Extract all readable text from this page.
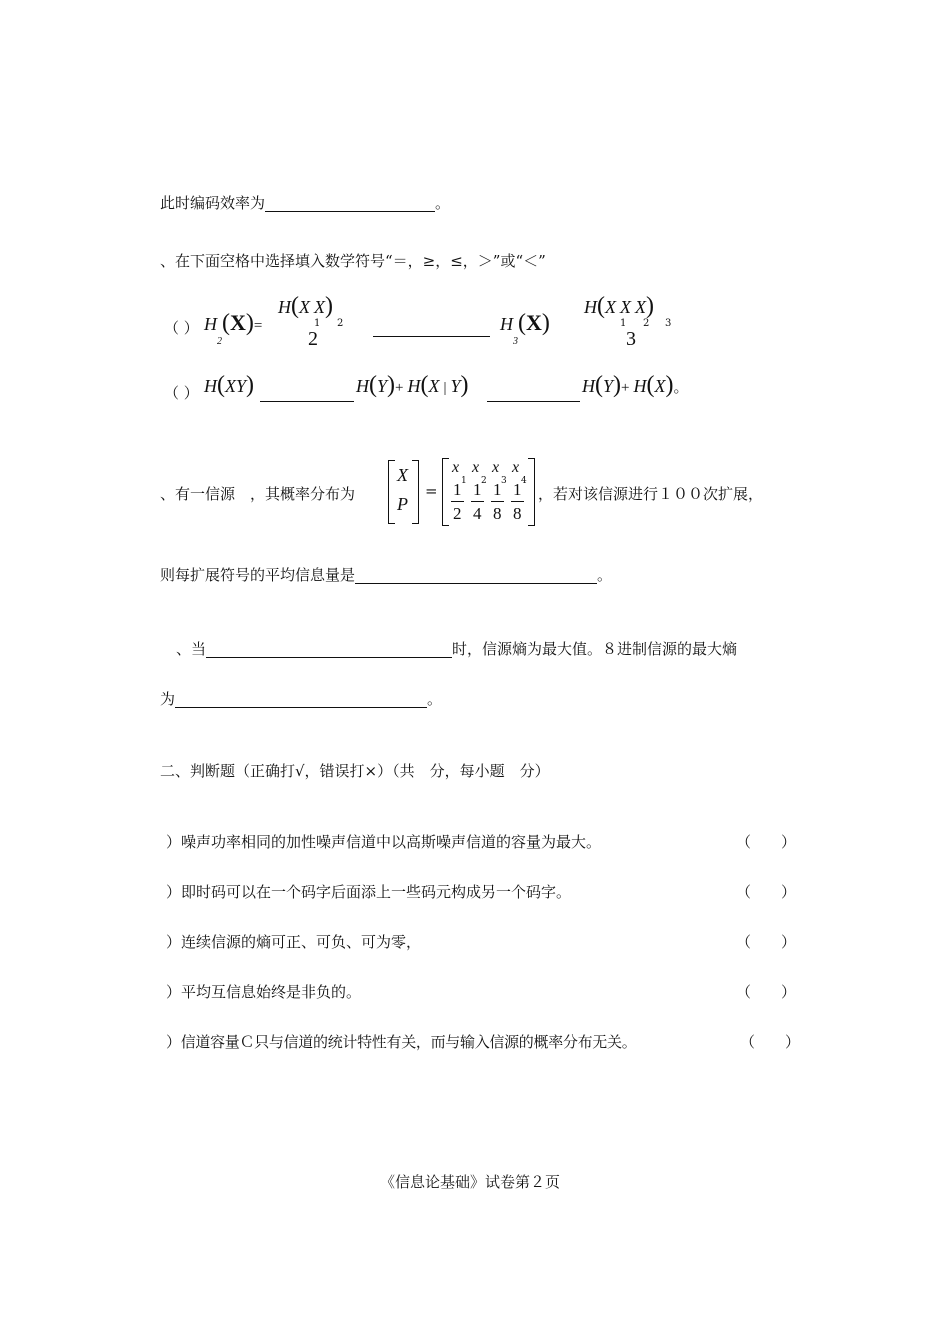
此时编码效率为	。
、在下面空格中选择填入数学符号“＝，≥，≤，＞”或“＜”
（ ） $H_2(X)=$
H(X X)
1 2
2
$H_3(X)$
H(X X X)
1 2 3
3
（ ） H(XY)	H(Y)+ H(X | Y)	H(Y)+ H(X)。
、有一信源　，其概率分布为
X
P
=
x x x x
1 2 3 4
1 1 1 1
2 4 8 8
，若对该信源进行１００次扩展，
则每扩展符号的平均信息量是	。
、当	时，信源熵为最大值。８进制信源的最大熵
为	。
二、判断题（正确打√，错误打×）（共　分，每小题　分）
）噪声功率相同的加性噪声信道中以高斯噪声信道的容量为最大。	（　　）
）即时码可以在一个码字后面添上一些码元构成另一个码字。	（　　）
）连续信源的熵可正、可负、可为零，	（　　）
）平均互信息始终是非负的。	（　　）
）信道容量Ｃ只与信道的统计特性有关，而与输入信源的概率分布无关。	（　　）
《信息论基础》试卷第２页
